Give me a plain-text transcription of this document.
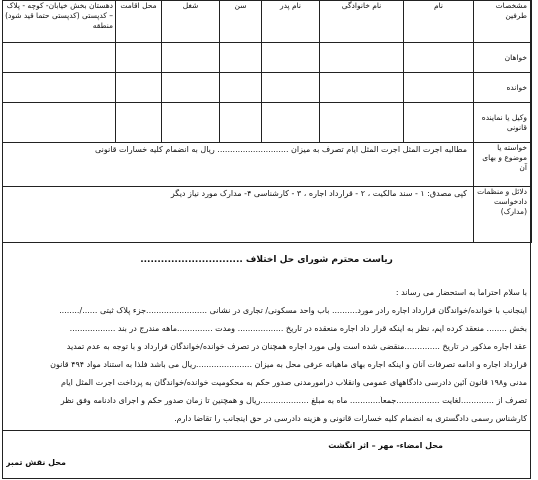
مشخصات طرفین	نام	نام خانوادگی	نام پدر	سن	شغل	محل اقامت	دهستان بخش خیابان- کوچه - پلاک – کدپستی (کدپستی حتما قید شود) منطقه
خواهان							
خوانده							
وکیل یا نماینده قانونی							
خواسته یا موضوع و بهای آن	مطالبه اجرت المثل اجرت المثل ایام تصرف به میزان ............................ ریال به انضمام کلیه خسارات قانونی						
دلائل و منظمات دادخواست (مدارک)	کپی مصدق: ۱ - سند مالکیت ، ۲ - قرارداد اجاره ، ۳ - کارشناسی ۴- مدارک مورد نیاز دیگر						
ریاست محترم شورای حل اختلاف ..............................
با سلام احتراماً به استحضار می رساند :
اینجانب با خوانده/خواندگان قرارداد اجاره رادر مورد.......... باب واحد مسکونی/ تجاری در نشانی ........................جزء پلاک ثبتی ....../........
بخش ........ منعقد کرده ایم، نظر به اینکه قرار داد اجاره منعقده در تاریخ .................. ومدت ..............ماهه مندرج در بند ..................
عقد اجاره مذکور در تاریخ ..............منقضی شده است ولی مورد اجاره همچنان در تصرف خوانده/خواندگان قرارداد و با توجه به عدم تمدید
قرارداد اجاره و ادامه تصرفات آنان و اینکه اجاره بهای ماهیانه عرفی محل به میزان ......................ریال می باشد فلذا به استناد مواد ۴۹۴ قانون
مدنی و۱۹۸ قانون آئین دادرسی دادگاههای عمومی وانقلاب درامورمدنی صدور حکم به محکومیت خوانده/خواندگان به پرداخت اجرت المثل ایام
تصرف از .............لغایت .................جمعاً............ ماه به مبلغ ...................ریال و همچنین تا زمان صدور حکم و اجرای دادنامه وفق نظر
کارشناس رسمی دادگستری به انضمام کلیه خسارات قانونی و هزینه دادرسی در حق اینجانب را تقاضا دارم.
محل امضاء- مهر – اثر انگشت
محل نقش تمبر
